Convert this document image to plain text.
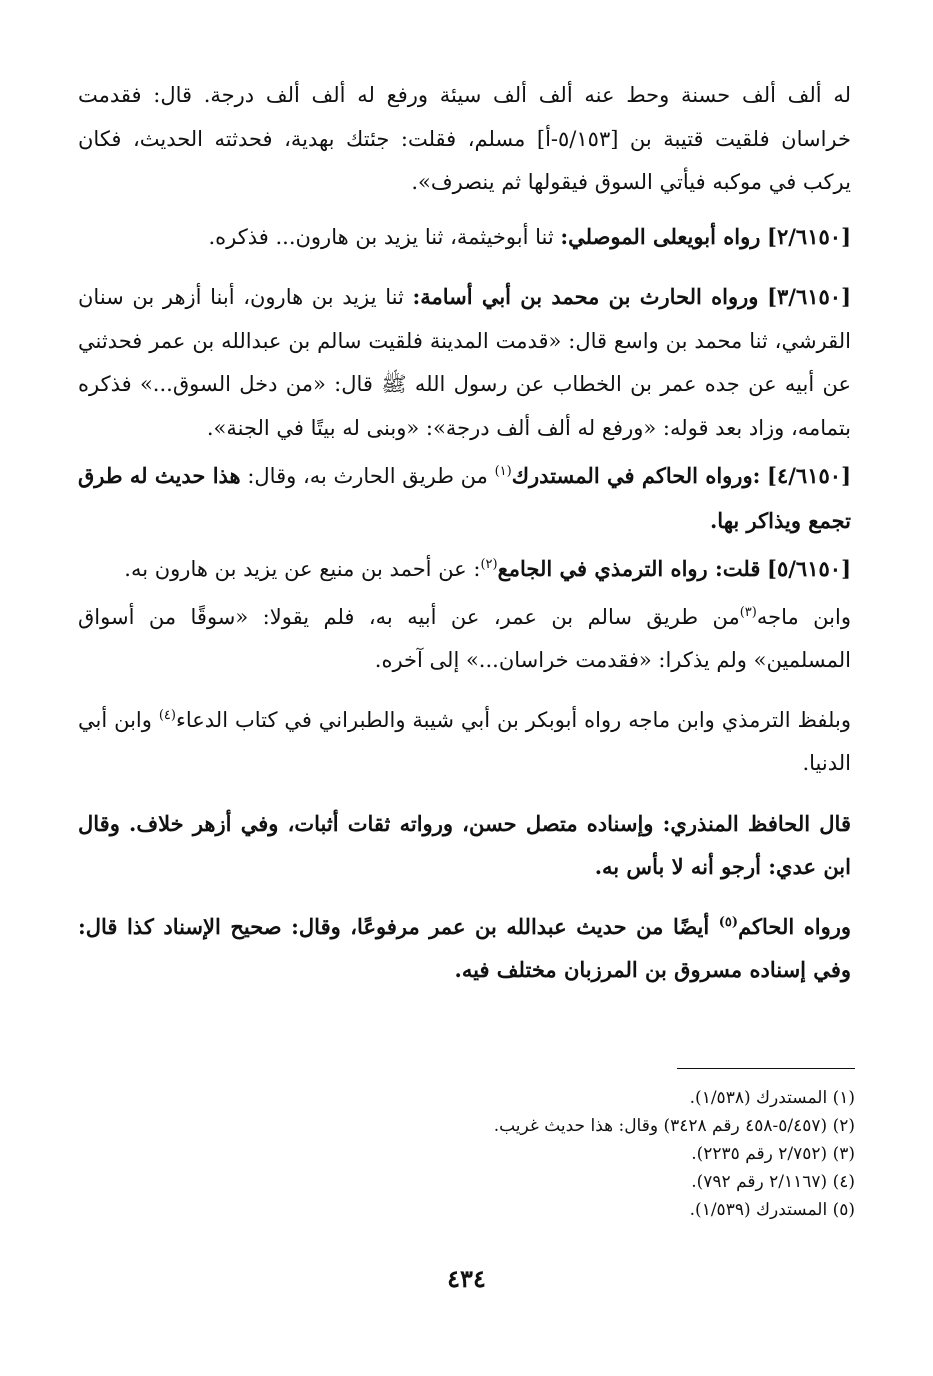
له ألف ألف حسنة وحط عنه ألف ألف سيئة ورفع له ألف ألف درجة. قال: فقدمت خراسان فلقيت قتيبة بن [٥/١٥٣-أ] مسلم، فقلت: جئتك بهدية، فحدثته الحديث، فكان يركب في موكبه فيأتي السوق فيقولها ثم ينصرف».

[٢/٦١٥٠] رواه أبويعلى الموصلي: ثنا أبوخيثمة، ثنا يزيد بن هارون... فذكره.

[٣/٦١٥٠] ورواه الحارث بن محمد بن أبي أسامة: ثنا يزيد بن هارون، أبنا أزهر بن سنان القرشي، ثنا محمد بن واسع قال: «قدمت المدينة فلقيت سالم بن عبدالله بن عمر فحدثني عن أبيه عن جده عمر بن الخطاب عن رسول الله ﷺ قال: «من دخل السوق...» فذكره بتمامه، وزاد بعد قوله: «ورفع له ألف ألف درجة»: «وبنى له بيتًا في الجنة».

[٤/٦١٥٠] :ورواه الحاكم في المستدرك$^{(١)}$ من طريق الحارث به، وقال: هذا حديث له طرق تجمع ويذاكر بها.

[٥/٦١٥٠] قلت: رواه الترمذي في الجامع$^{(٢)}$: عن أحمد بن منيع عن يزيد بن هارون به.

وابن ماجه$^{(٣)}$من طريق سالم بن عمر، عن أبيه به، فلم يقولا: «سوقًا من أسواق المسلمين» ولم يذكرا: «فقدمت خراسان...» إلى آخره.

وبلفظ الترمذي وابن ماجه رواه أبوبكر بن أبي شيبة والطبراني في كتاب الدعاء$^{(٤)}$ وابن أبي الدنيا.

قال الحافظ المنذري: وإسناده متصل حسن، ورواته ثقات أثبات، وفي أزهر خلاف. وقال ابن عدي: أرجو أنه لا بأس به.

ورواه الحاكم$^{(٥)}$ أيضًا من حديث عبدالله بن عمر مرفوعًا، وقال: صحيح الإسناد كذا قال: وفي إسناده مسروق بن المرزبان مختلف فيه.

(١) المستدرك (١/٥٣٨).
(٢) (٥/٤٥٧-٤٥٨ رقم ٣٤٢٨) وقال: هذا حديث غريب.
(٣) (٢/٧٥٢ رقم ٢٢٣٥).
(٤) (٢/١١٦٧ رقم ٧٩٢).
(٥) المستدرك (١/٥٣٩).
٤٣٤
